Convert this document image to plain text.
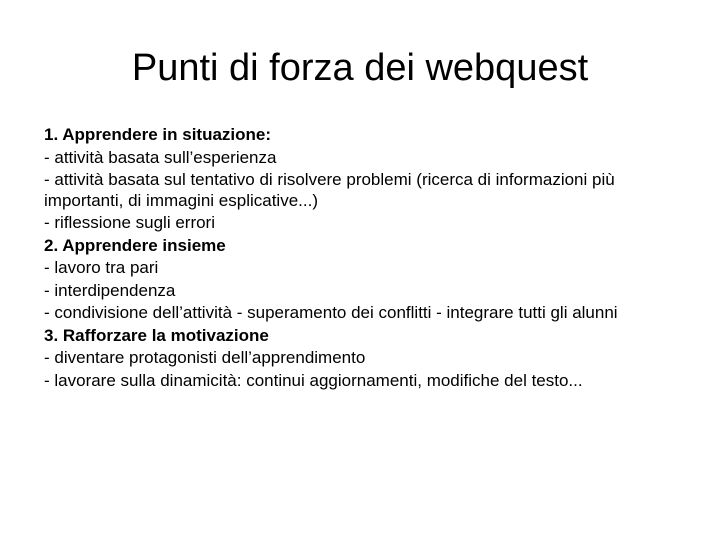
Punti di forza dei webquest
1. Apprendere in situazione:
- attività basata sull’esperienza
- attività basata sul tentativo di risolvere problemi (ricerca di informazioni più importanti, di immagini esplicative...)
- riflessione sugli errori
2. Apprendere insieme
- lavoro tra pari
- interdipendenza
- condivisione dell’attività - superamento dei conflitti - integrare tutti gli alunni
3. Rafforzare la motivazione
- diventare protagonisti dell’apprendimento
- lavorare sulla dinamicità: continui aggiornamenti, modifiche del testo...
